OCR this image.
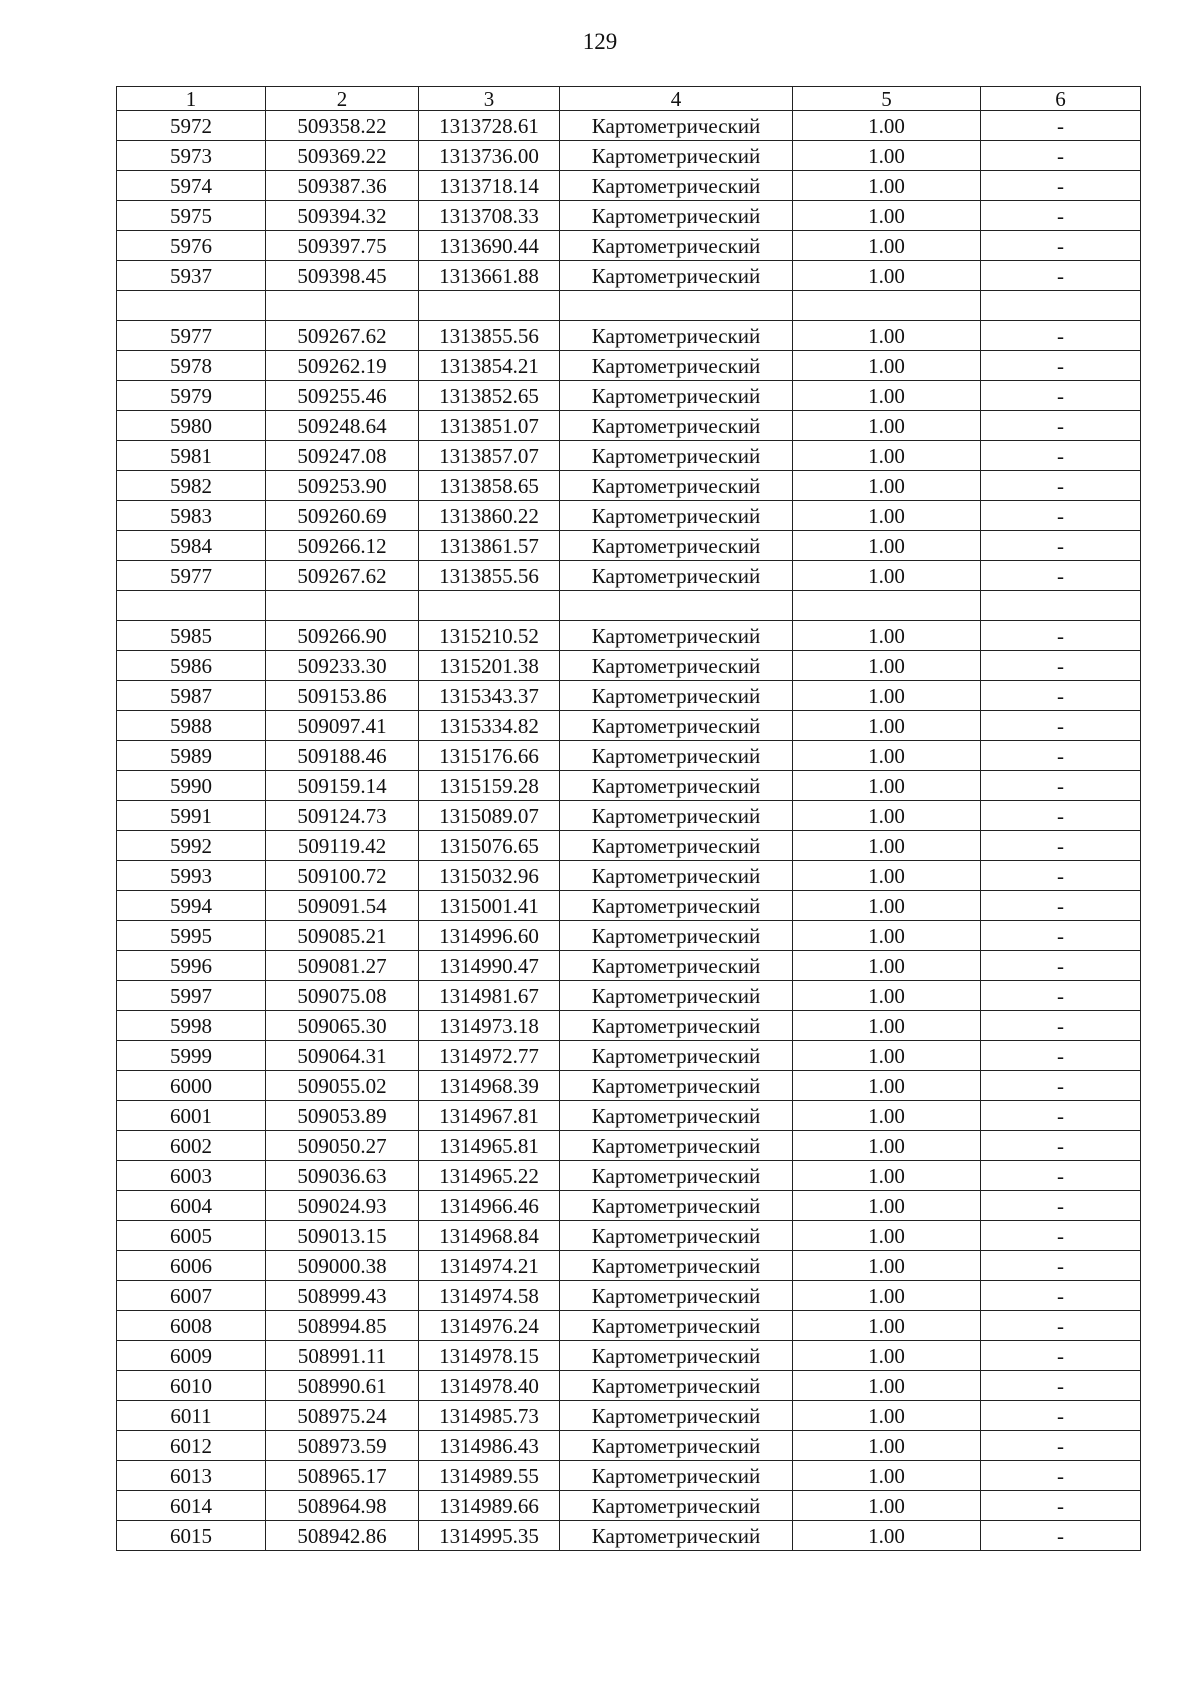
129
1	2	3	4	5	6
5972	509358.22	1313728.61	Картометрический	1.00	-
5973	509369.22	1313736.00	Картометрический	1.00	-
5974	509387.36	1313718.14	Картометрический	1.00	-
5975	509394.32	1313708.33	Картометрический	1.00	-
5976	509397.75	1313690.44	Картометрический	1.00	-
5937	509398.45	1313661.88	Картометрический	1.00	-

5977	509267.62	1313855.56	Картометрический	1.00	-
5978	509262.19	1313854.21	Картометрический	1.00	-
5979	509255.46	1313852.65	Картометрический	1.00	-
5980	509248.64	1313851.07	Картометрический	1.00	-
5981	509247.08	1313857.07	Картометрический	1.00	-
5982	509253.90	1313858.65	Картометрический	1.00	-
5983	509260.69	1313860.22	Картометрический	1.00	-
5984	509266.12	1313861.57	Картометрический	1.00	-
5977	509267.62	1313855.56	Картометрический	1.00	-

5985	509266.90	1315210.52	Картометрический	1.00	-
5986	509233.30	1315201.38	Картометрический	1.00	-
5987	509153.86	1315343.37	Картометрический	1.00	-
5988	509097.41	1315334.82	Картометрический	1.00	-
5989	509188.46	1315176.66	Картометрический	1.00	-
5990	509159.14	1315159.28	Картометрический	1.00	-
5991	509124.73	1315089.07	Картометрический	1.00	-
5992	509119.42	1315076.65	Картометрический	1.00	-
5993	509100.72	1315032.96	Картометрический	1.00	-
5994	509091.54	1315001.41	Картометрический	1.00	-
5995	509085.21	1314996.60	Картометрический	1.00	-
5996	509081.27	1314990.47	Картометрический	1.00	-
5997	509075.08	1314981.67	Картометрический	1.00	-
5998	509065.30	1314973.18	Картометрический	1.00	-
5999	509064.31	1314972.77	Картометрический	1.00	-
6000	509055.02	1314968.39	Картометрический	1.00	-
6001	509053.89	1314967.81	Картометрический	1.00	-
6002	509050.27	1314965.81	Картометрический	1.00	-
6003	509036.63	1314965.22	Картометрический	1.00	-
6004	509024.93	1314966.46	Картометрический	1.00	-
6005	509013.15	1314968.84	Картометрический	1.00	-
6006	509000.38	1314974.21	Картометрический	1.00	-
6007	508999.43	1314974.58	Картометрический	1.00	-
6008	508994.85	1314976.24	Картометрический	1.00	-
6009	508991.11	1314978.15	Картометрический	1.00	-
6010	508990.61	1314978.40	Картометрический	1.00	-
6011	508975.24	1314985.73	Картометрический	1.00	-
6012	508973.59	1314986.43	Картометрический	1.00	-
6013	508965.17	1314989.55	Картометрический	1.00	-
6014	508964.98	1314989.66	Картометрический	1.00	-
6015	508942.86	1314995.35	Картометрический	1.00	-
